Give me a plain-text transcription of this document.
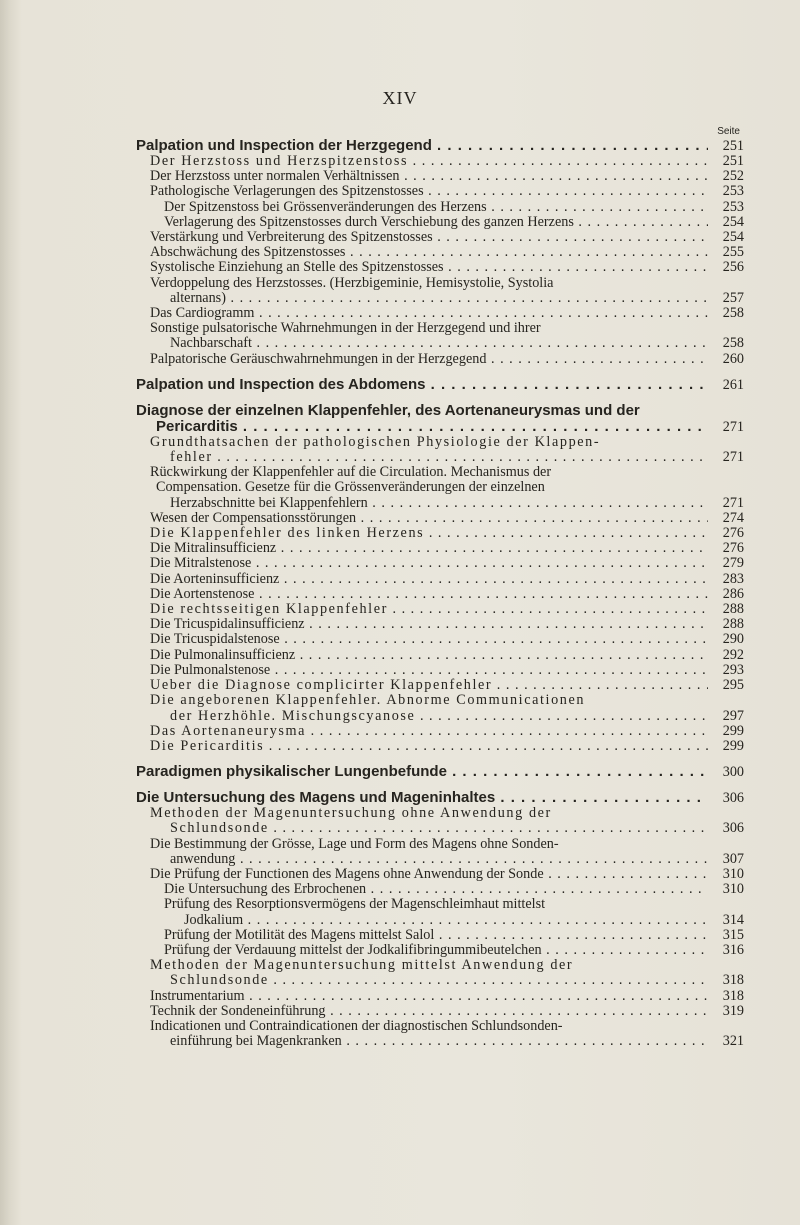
XIV
Seite
Palpation und Inspection der Herzgegend . . .	251
Der Herzstoss und Herzspitzenstoss . . .	251
Der Herzstoss unter normalen Verhältnissen . . .	252
Pathologische Verlagerungen des Spitzenstosses . . .	253
Der Spitzenstoss bei Grössenveränderungen des Herzens . . .	253
Verlagerung des Spitzenstosses durch Verschiebung des ganzen Herzens . . .	254
Verstärkung und Verbreiterung des Spitzenstosses . . .	254
Abschwächung des Spitzenstosses . . .	255
Systolische Einziehung an Stelle des Spitzenstosses . . .	256
Verdoppelung des Herzstosses. (Herzbigeminie, Hemisystolie, Systolia
alternans) . . .	257
Das Cardiogramm . . .	258
Sonstige pulsatorische Wahrnehmungen in der Herzgegend und ihrer
Nachbarschaft . . .	258
Palpatorische Geräuschwahrnehmungen in der Herzgegend . . .	260
Palpation und Inspection des Abdomens . . .	261
Diagnose der einzelnen Klappenfehler, des Aortenaneurysmas und der
Pericarditis . . .	271
Grundthatsachen der pathologischen Physiologie der Klappen-
fehler . . .	271
Rückwirkung der Klappenfehler auf die Circulation. Mechanismus der
Compensation. Gesetze für die Grössenveränderungen der einzelnen
Herzabschnitte bei Klappenfehlern . . .	271
Wesen der Compensationsstörungen . . .	274
Die Klappenfehler des linken Herzens . . .	276
Die Mitralinsufficienz . . .	276
Die Mitralstenose . . .	279
Die Aorteninsufficienz . . .	283
Die Aortenstenose . . .	286
Die rechtsseitigen Klappenfehler . . .	288
Die Tricuspidalinsufficienz . . .	288
Die Tricuspidalstenose . . .	290
Die Pulmonalinsufficienz . . .	292
Die Pulmonalstenose . . .	293
Ueber die Diagnose complicirter Klappenfehler . . .	295
Die angeborenen Klappenfehler. Abnorme Communicationen
der Herzhöhle. Mischungscyanose . . .	297
Das Aortenaneurysma . . .	299
Die Pericarditis . . .	299
Paradigmen physikalischer Lungenbefunde . . .	300
Die Untersuchung des Magens und Mageninhaltes . . .	306
Methoden der Magenuntersuchung ohne Anwendung der
Schlundsonde . . .	306
Die Bestimmung der Grösse, Lage und Form des Magens ohne Sonden-
anwendung . . .	307
Die Prüfung der Functionen des Magens ohne Anwendung der Sonde . . .	310
Die Untersuchung des Erbrochenen . . .	310
Prüfung des Resorptionsvermögens der Magenschleimhaut mittelst
Jodkalium . . .	314
Prüfung der Motilität des Magens mittelst Salol . . .	315
Prüfung der Verdauung mittelst der Jodkalifibringummibeutelchen . . .	316
Methoden der Magenuntersuchung mittelst Anwendung der
Schlundsonde . . .	318
Instrumentarium . . .	318
Technik der Sondeneinführung . . .	319
Indicationen und Contraindicationen der diagnostischen Schlundsonden-
einführung bei Magenkranken . . .	321
